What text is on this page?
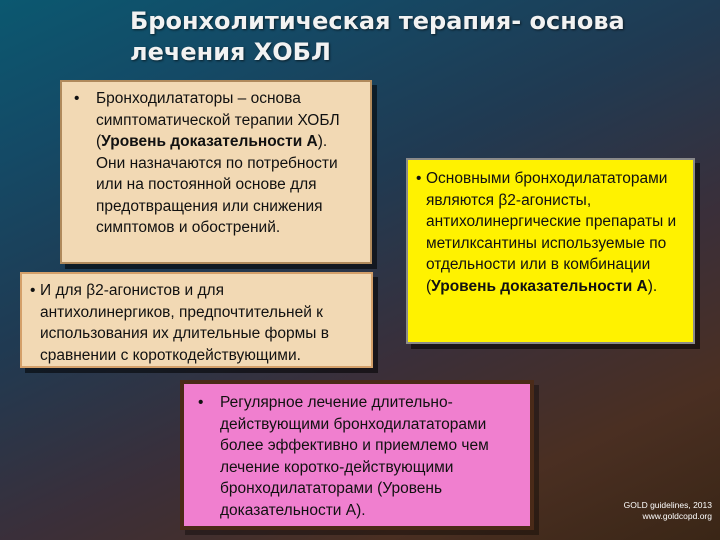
Бронхолитическая терапия- основа лечения ХОБЛ
•	Бронходилататоры – основа симптоматической терапии ХОБЛ (Уровень доказательности А). Они назначаются по потребности или на постоянной основе для предотвращения или снижения симптомов и обострений.

• И для β2-агонистов и для антихолинергиков, предпочтительней к использования их длительные формы в сравнении с короткодействующими.

• Основными бронходилататорами являются β2-агонисты, антихолинергические препараты и метилксантины используемые по отдельности или в комбинации (Уровень доказательности А).

•	Регулярное лечение длительно-действующими бронходилататорами более эффективно и приемлемо чем лечение коротко-действующими бронходилататорами (Уровень доказательности А).	GOLD guidelines, 2013
www.goldcopd.org
